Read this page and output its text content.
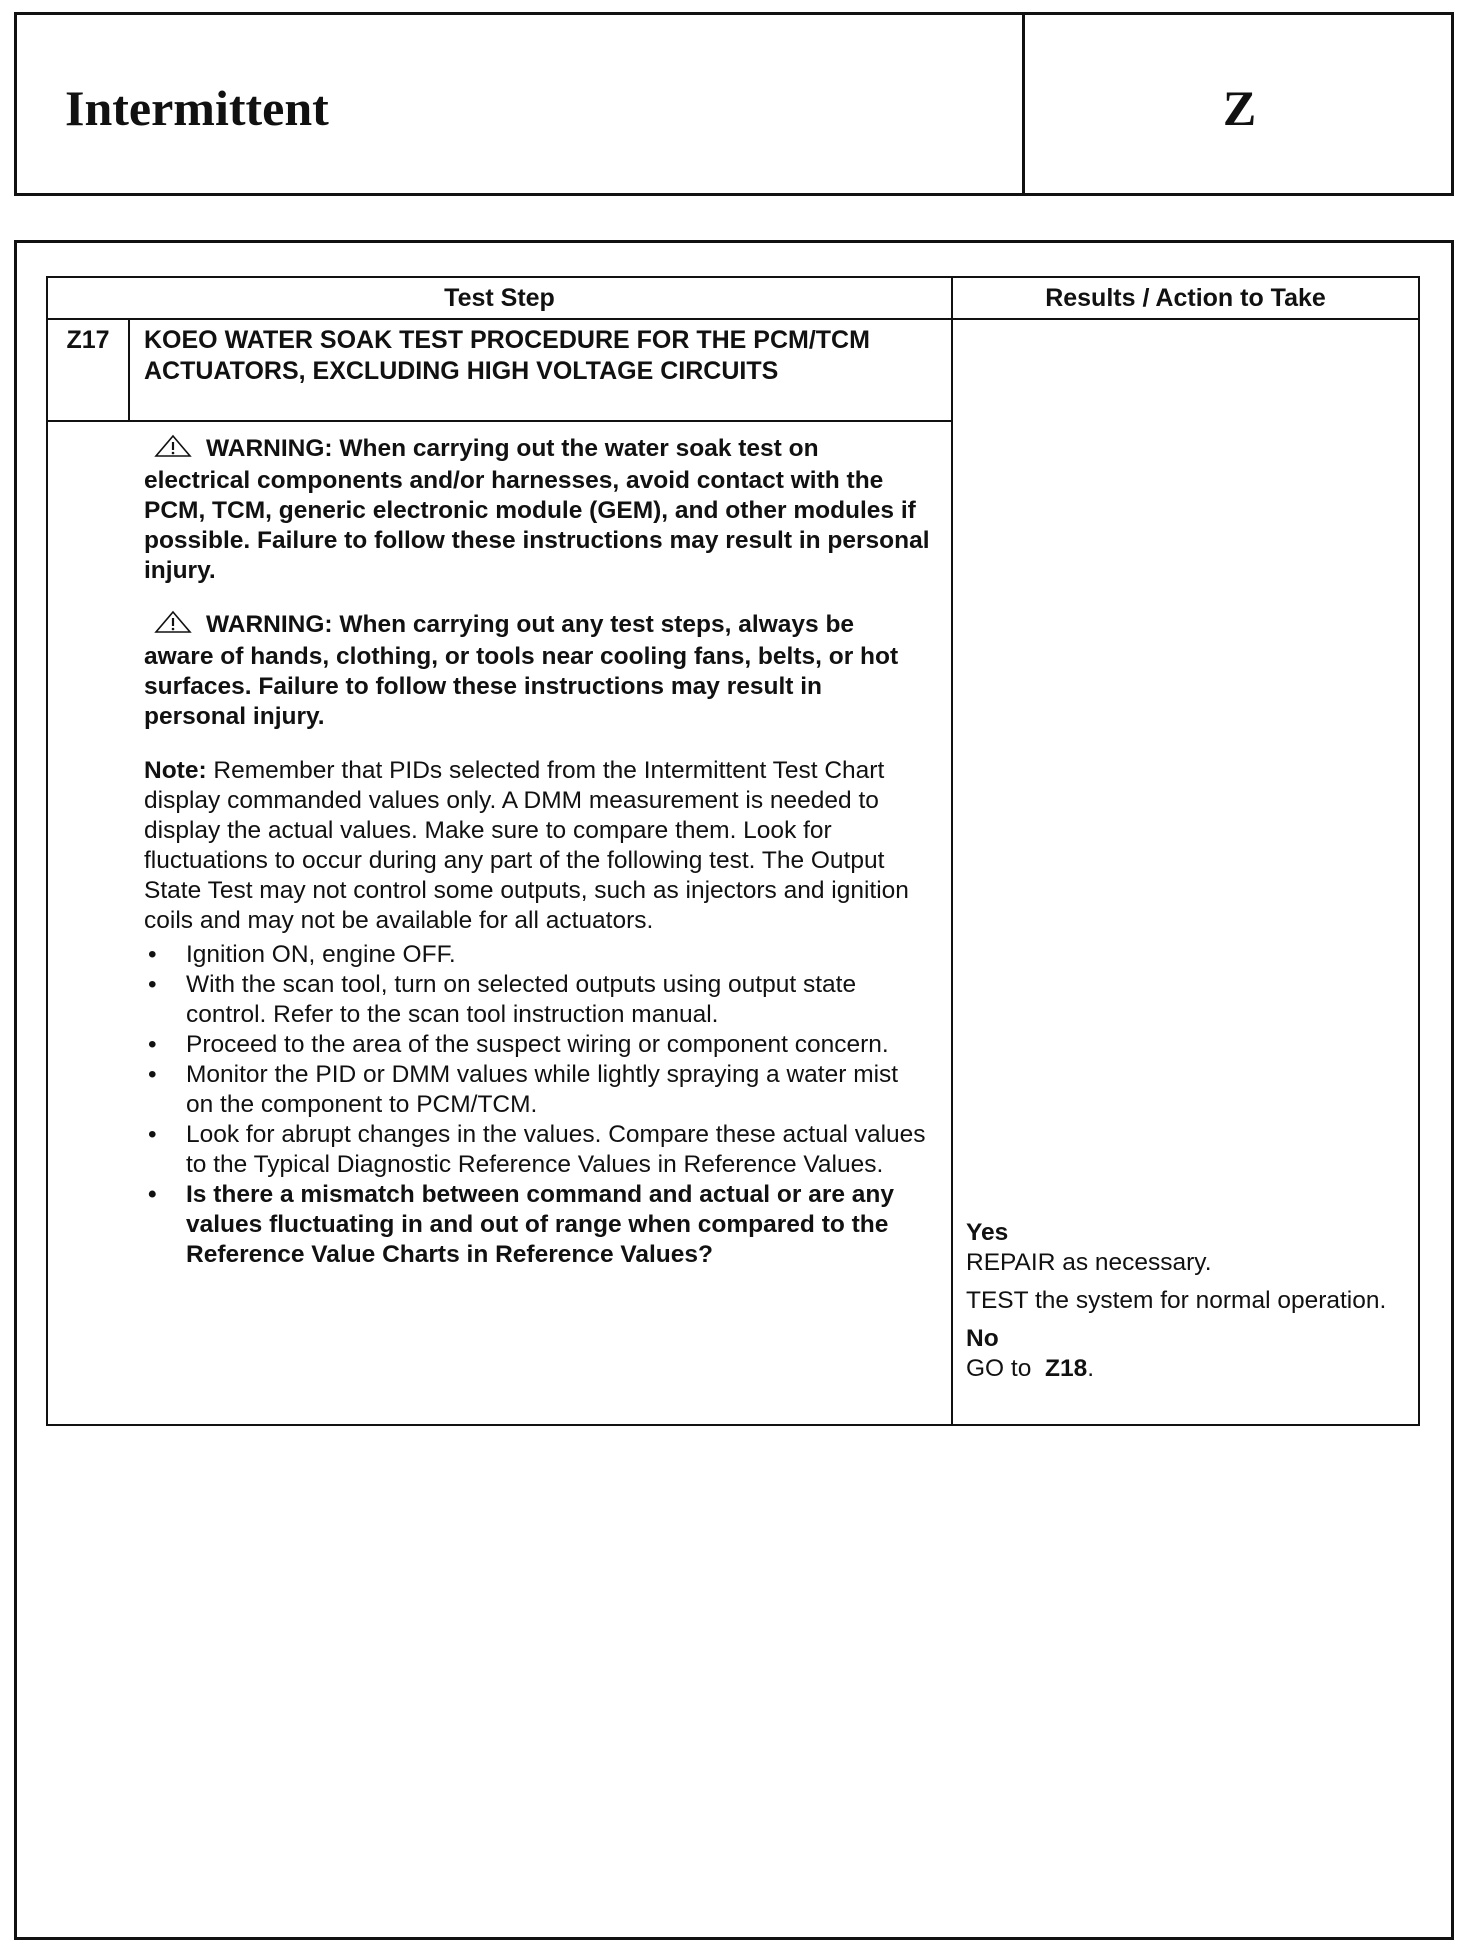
Intermittent	Z
Test Step	Results / Action to Take
Z17	KOEO WATER SOAK TEST PROCEDURE FOR THE PCM/TCM ACTUATORS, EXCLUDING HIGH VOLTAGE CIRCUITS

WARNING: When carrying out the water soak test on electrical components and/or harnesses, avoid contact with the PCM, TCM, generic electronic module (GEM), and other modules if possible. Failure to follow these instructions may result in personal injury.

WARNING: When carrying out any test steps, always be aware of hands, clothing, or tools near cooling fans, belts, or hot surfaces. Failure to follow these instructions may result in personal injury.

Note: Remember that PIDs selected from the Intermittent Test Chart display commanded values only. A DMM measurement is needed to display the actual values. Make sure to compare them. Look for fluctuations to occur during any part of the following test. The Output State Test may not control some outputs, such as injectors and ignition coils and may not be available for all actuators.

• Ignition ON, engine OFF.
• With the scan tool, turn on selected outputs using output state control. Refer to the scan tool instruction manual.
• Proceed to the area of the suspect wiring or component concern.
• Monitor the PID or DMM values while lightly spraying a water mist on the component to PCM/TCM.
• Look for abrupt changes in the values. Compare these actual values to the Typical Diagnostic Reference Values in Reference Values.
• Is there a mismatch between command and actual or are any values fluctuating in and out of range when compared to the Reference Value Charts in Reference Values?

Yes

REPAIR as necessary.

TEST the system for normal operation.

No

GO to Z18.
